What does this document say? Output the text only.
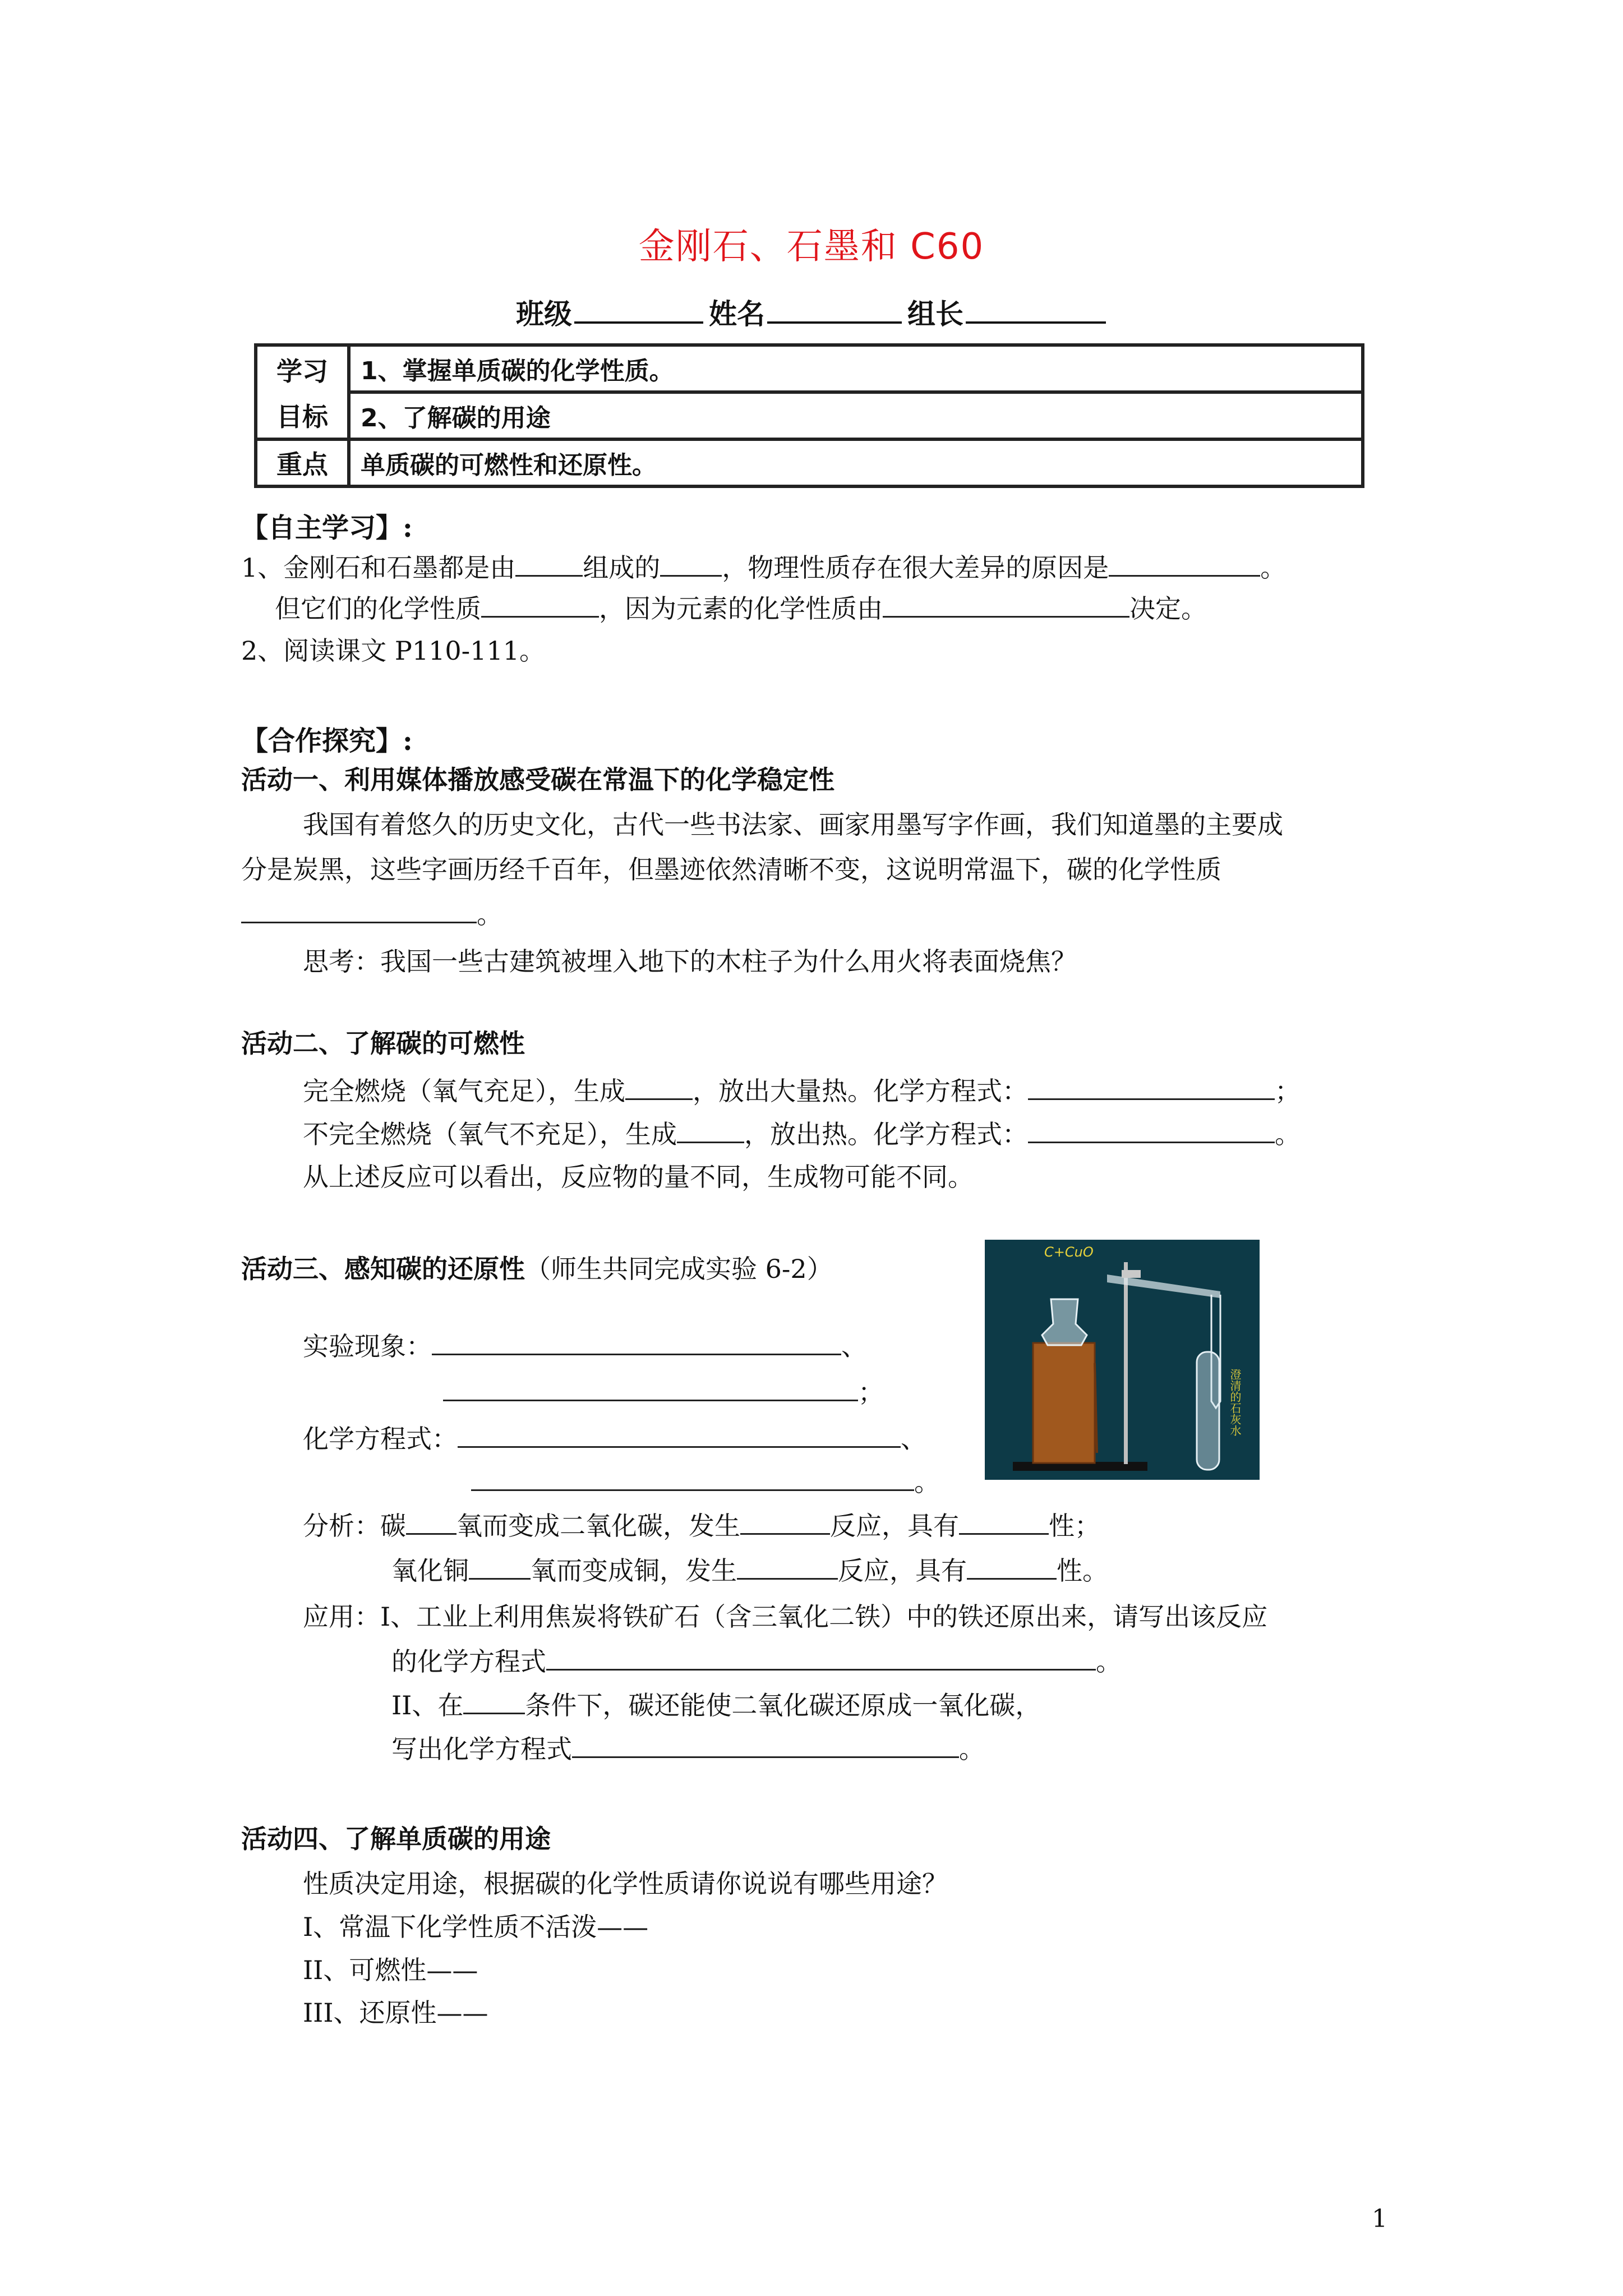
金刚石、石墨和 C60
班级	姓名	组长
学习	1、掌握单质碳的化学性质。
目标	2、了解碳的用途
重点	单质碳的可燃性和还原性。
【自主学习】:
1、金刚石和石墨都是由	组成的 ，物理性质存在很大差异的原因是	。
但它们的化学性质	，因为元素的化学性质由	决定。
2、阅读课文 P110-111。
【合作探究】:
活动一、利用媒体播放感受碳在常温下的化学稳定性
我国有着悠久的历史文化，古代一些书法家、画家用墨写字作画，我们知道墨的主要成
分是炭黑，这些字画历经千百年，但墨迹依然清晰不变，这说明常温下，碳的化学性质
。
思考：我国一些古建筑被埋入地下的木柱子为什么用火将表面烧焦？
活动二、了解碳的可燃性
完全燃烧（氧气充足），生成	，放出大量热。化学方程式：	；
不完全燃烧（氧气不充足），生成	，放出热。化学方程式：	。
从上述反应可以看出，反应物的量不同，生成物可能不同。
活动三、感知碳的还原性（师生共同完成实验 6-2）
C+CuO
澄清的石灰水
实验现象：	、
；
化学方程式：	、
。
分析：碳 氧而变成二氧化碳，发生	反应，具有	性；
氧化铜 氧而变成铜，发生	反应，具有	性。
应用：I、工业上利用焦炭将铁矿石（含三氧化二铁）中的铁还原出来，请写出该反应
的化学方程式	。
II、在 条件下，碳还能使二氧化碳还原成一氧化碳，
写出化学方程式	。
活动四、了解单质碳的用途
性质决定用途，根据碳的化学性质请你说说有哪些用途？
I、常温下化学性质不活泼——
II、可燃性——
III、还原性——
1
